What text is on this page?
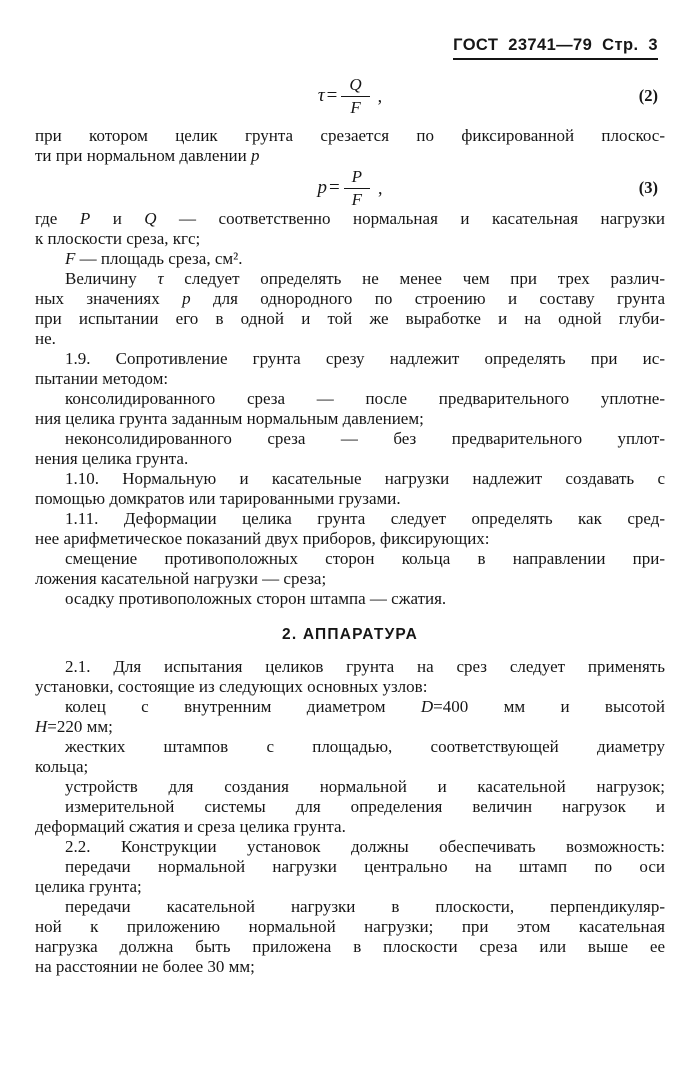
ГОСТ  23741—79  Стр.  3
$\tau = \frac{Q}{F}$ ,	(2)
при котором целик грунта срезается по фиксированной плоскос-
ти при нормальном давлении p
$p = \frac{P}{F}$ ,	(3)
где P и Q — соответственно нормальная и касательная нагрузки
к плоскости среза, кгс;
F — площадь среза, см².
Величину τ следует определять не менее чем при трех различ-
ных значениях p для однородного по строению и составу грунта
при испытании его в одной и той же выработке и на одной глуби-
не.
1.9. Сопротивление грунта срезу надлежит определять при ис-
пытании методом:
консолидированного среза — после предварительного уплотне-
ния целика грунта заданным нормальным давлением;
неконсолидированного среза — без предварительного уплот-
нения целика грунта.
1.10. Нормальную и касательные нагрузки надлежит создавать с
помощью домкратов или тарированными грузами.
1.11. Деформации целика грунта следует определять как сред-
нее арифметическое показаний двух приборов, фиксирующих:
смещение противоположных сторон кольца в направлении при-
ложения касательной нагрузки — среза;
осадку противоположных сторон штампа — сжатия.
2. АППАРАТУРА
2.1. Для испытания целиков грунта на срез следует применять
установки, состоящие из следующих основных узлов:
колец с внутренним диаметром D=400 мм и высотой
H=220 мм;
жестких штампов с площадью, соответствующей диаметру
кольца;
устройств для создания нормальной и касательной нагрузок;
измерительной системы для определения величин нагрузок и
деформаций сжатия и среза целика грунта.
2.2. Конструкции установок должны обеспечивать возможность:
передачи нормальной нагрузки центрально на штамп по оси
целика грунта;
передачи касательной нагрузки в плоскости, перпендикуляр-
ной к приложению нормальной нагрузки; при этом касательная
нагрузка должна быть приложена в плоскости среза или выше ее
на расстоянии не более 30 мм;
